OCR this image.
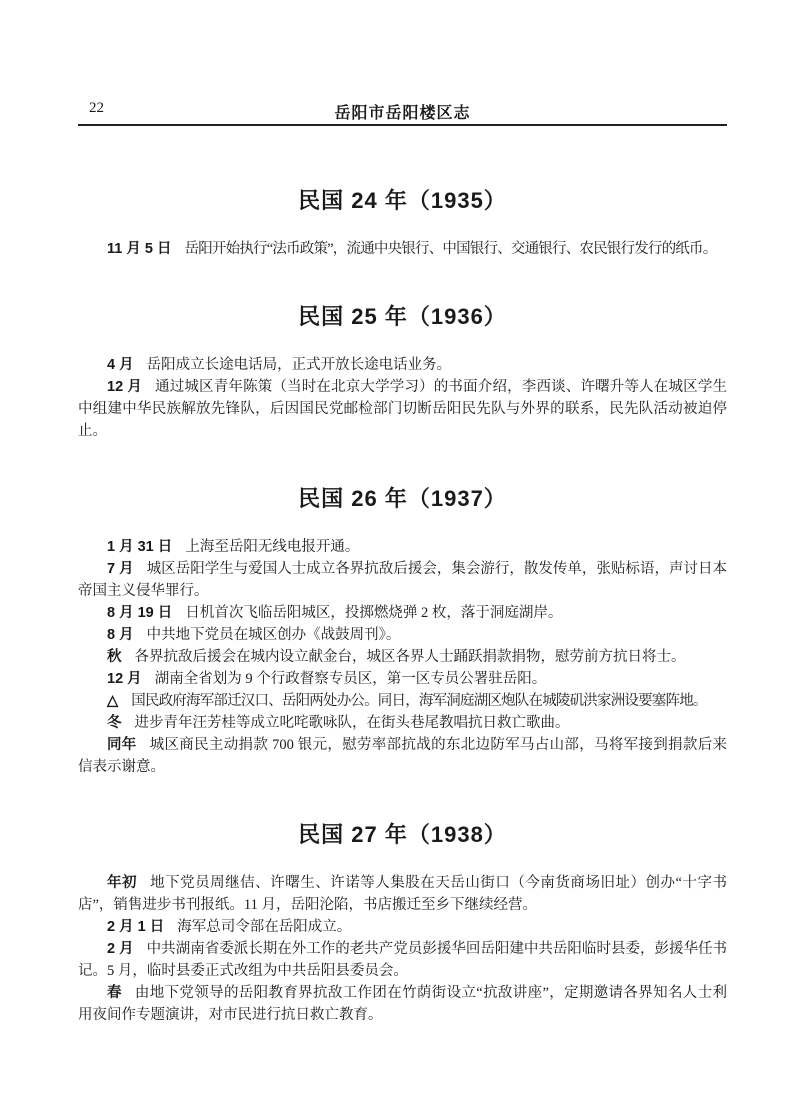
22	岳阳市岳阳楼区志
民国 24 年（1935）

11 月 5 日 岳阳开始执行“法币政策”，流通中央银行、中国银行、交通银行、农民银行发行的纸币。

民国 25 年（1936）

4 月 岳阳成立长途电话局，正式开放长途电话业务。

12 月 通过城区青年陈策（当时在北京大学学习）的书面介绍，李西谈、许曙升等人在城区学生中组建中华民族解放先锋队，后因国民党邮检部门切断岳阳民先队与外界的联系，民先队活动被迫停止。

民国 26 年（1937）

1 月 31 日 上海至岳阳无线电报开通。

7 月 城区岳阳学生与爱国人士成立各界抗敌后援会，集会游行，散发传单，张贴标语，声讨日本帝国主义侵华罪行。

8 月 19 日 日机首次飞临岳阳城区，投掷燃烧弹 2 枚，落于洞庭湖岸。

8 月 中共地下党员在城区创办《战鼓周刊》。

秋 各界抗敌后援会在城内设立献金台，城区各界人士踊跃捐款捐物，慰劳前方抗日将士。

12 月 湖南全省划为 9 个行政督察专员区，第一区专员公署驻岳阳。

△ 国民政府海军部迁汉口、岳阳两处办公。同日，海军洞庭湖区炮队在城陵矶洪家洲设要塞阵地。

冬 进步青年汪芳桂等成立叱咤歌咏队，在街头巷尾教唱抗日救亡歌曲。

同年 城区商民主动捐款 700 银元，慰劳率部抗战的东北边防军马占山部，马将军接到捐款后来信表示谢意。

民国 27 年（1938）

年初 地下党员周继佶、许曙生、许诺等人集股在天岳山街口（今南货商场旧址）创办“十字书店”，销售进步书刊报纸。11 月，岳阳沦陷，书店搬迁至乡下继续经营。

2 月 1 日 海军总司令部在岳阳成立。

2 月 中共湖南省委派长期在外工作的老共产党员彭援华回岳阳建中共岳阳临时县委，彭援华任书记。5 月，临时县委正式改组为中共岳阳县委员会。

春 由地下党领导的岳阳教育界抗敌工作团在竹荫街设立“抗敌讲座”，定期邀请各界知名人士利用夜间作专题演讲，对市民进行抗日救亡教育。
